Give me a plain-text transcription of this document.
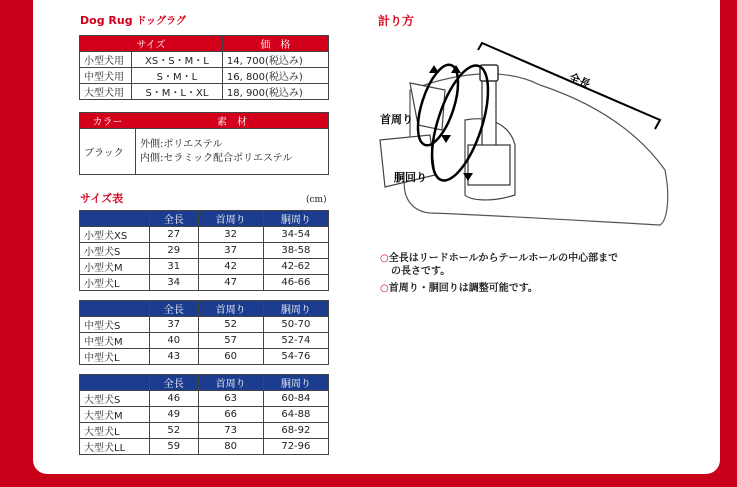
Dog Rug ドッグラグ
サイズ		価　格
小型犬用	XS・S・M・L	14, 700(税込み)
中型犬用	S・M・L	16, 800(税込み)
大型犬用	S・M・L・XL	18, 900(税込み)
カラー	素　材
ブラック	外側:ポリエステル
内側:セラミック配合ポリエステル
サイズ表	(cm)
	全長	首周り	胴周り
小型犬XS	27	32	34-54
小型犬S	29	37	38-58
小型犬M	31	42	42-62
小型犬L	34	47	46-66
	全長	首周り	胴周り
中型犬S	37	52	50-70
中型犬M	40	57	52-74
中型犬L	43	60	54-76
	全長	首周り	胴周り
大型犬S	46	63	60-84
大型犬M	49	66	64-88
大型犬L	52	73	68-92
大型犬LL	59	80	72-96
計り方
全長
首周り
胴回り
○全長はリードホールからテールホールの中心部まで
の長さです。
○首周り・胴回りは調整可能です。
